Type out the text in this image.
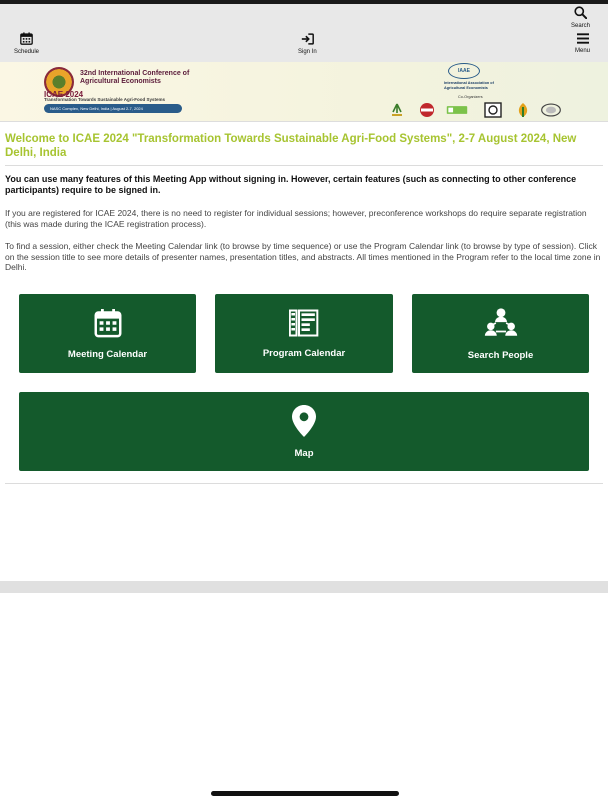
Schedule	Sign In
Search
Menu
32nd International Conference of Agricultural Economists
ICAE 2024
Transformation Towards Sustainable Agri-Food Systems
NASC Complex, New Delhi, India | August 2-7, 2024
IAAE
International Association of Agricultural Economists
Co-Organizers
Welcome to ICAE 2024 "Transformation Towards Sustainable Agri-Food Systems", 2-7 August 2024, New Delhi, India
You can use many features of this Meeting App without signing in. However, certain features (such as connecting to other conference participants) require to be signed in.
If you are registered for ICAE 2024, there is no need to register for individual sessions; however, preconference workshops do require separate registration (this was made during the ICAE registration process).
To find a session, either check the Meeting Calendar link (to browse by time sequence) or use the Program Calendar link (to browse by type of session). Click on the session title to see more details of presenter names, presentation titles, and abstracts. All times mentioned in the Program refer to the local time zone in Delhi.
Meeting Calendar	Program Calendar	Search People
Map
